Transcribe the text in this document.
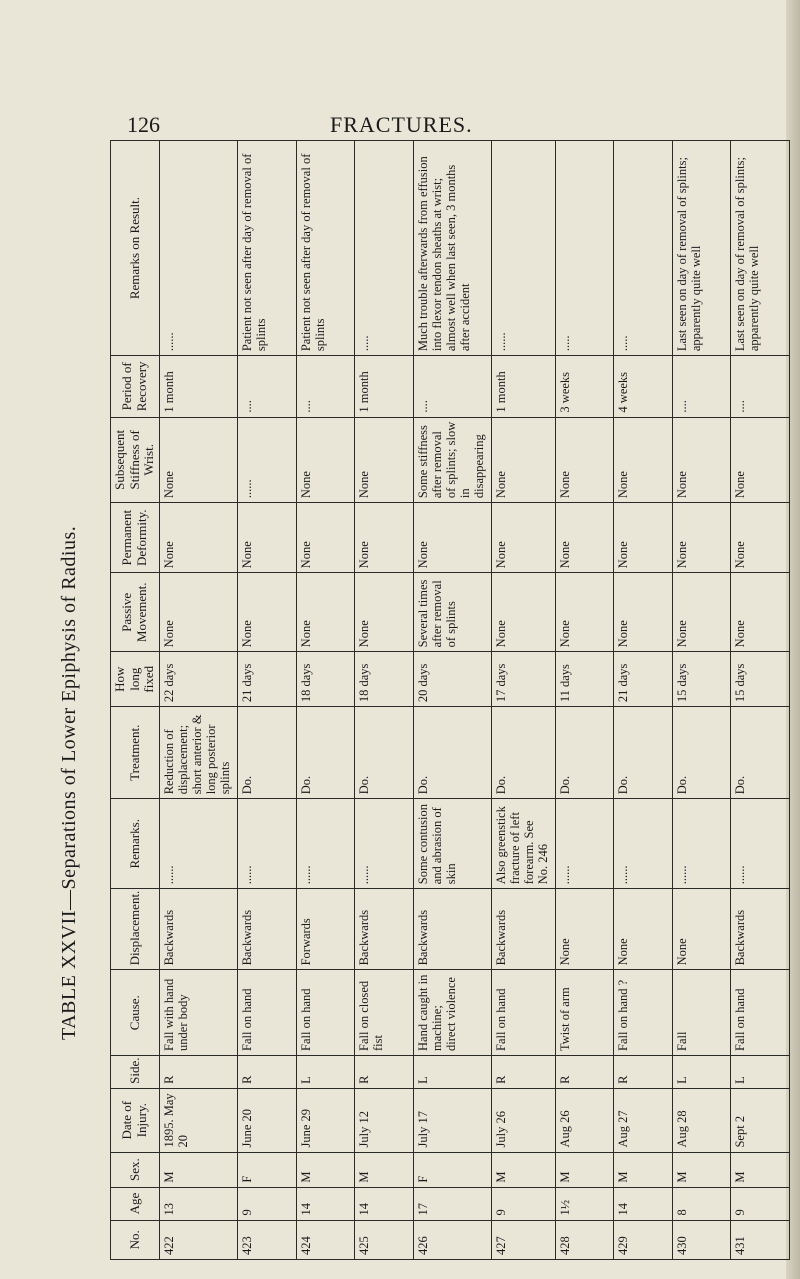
126	FRACTURES.
TABLE XXVII—Separations of Lower Epiphysis of Radius.
No.	Age	Sex.	Date of Injury.	Side.	Cause.	Displacement.	Remarks.	Treatment.	How long fixed	Passive Movement.	Permanent Deformity.	Subsequent Stiffness of Wrist.	Period of Recovery	Remarks on Result.
422	13	M	1895. May 20	R	Fall with hand under body	Backwards	......	Reduction of displacement; short anterior & long posterior splints	22 days	None	None	None	1 month	......
423	9	F	June 20	R	Fall on hand	Backwards	......	Do.	21 days	None	None	......	....	Patient not seen after day of removal of splints
424	14	M	June 29	L	Fall on hand	Forwards	......	Do.	18 days	None	None	None	....	Patient not seen after day of removal of splints
425	14	M	July 12	R	Fall on closed fist	Backwards	......	Do.	18 days	None	None	None	1 month	.....
426	17	F	July 17	L	Hand caught in machine; direct violence	Backwards	Some contusion and abrasion of skin	Do.	20 days	Several times after removal of splints	None	Some stiffness after removal of splints; slow in disappearing	....	Much trouble afterwards from effusion into flexor tendon sheaths at wrist; almost well when last seen, 3 months after accident
427	9	M	July 26	R	Fall on hand	Backwards	Also greenstick fracture of left forearm. See No. 246	Do.	17 days	None	None	None	1 month	......
428	1½	M	Aug 26	R	Twist of arm	None	......	Do.	11 days	None	None	None	3 weeks	.....
429	14	M	Aug 27	R	Fall on hand ?	None	......	Do.	21 days	None	None	None	4 weeks	.....
430	8	M	Aug 28	L	Fall	None	......	Do.	15 days	None	None	None	....	Last seen on day of removal of splints; apparently quite well
431	9	M	Sept 2	L	Fall on hand	Backwards	......	Do.	15 days	None	None	None	....	Last seen on day of removal of splints; apparently quite well
